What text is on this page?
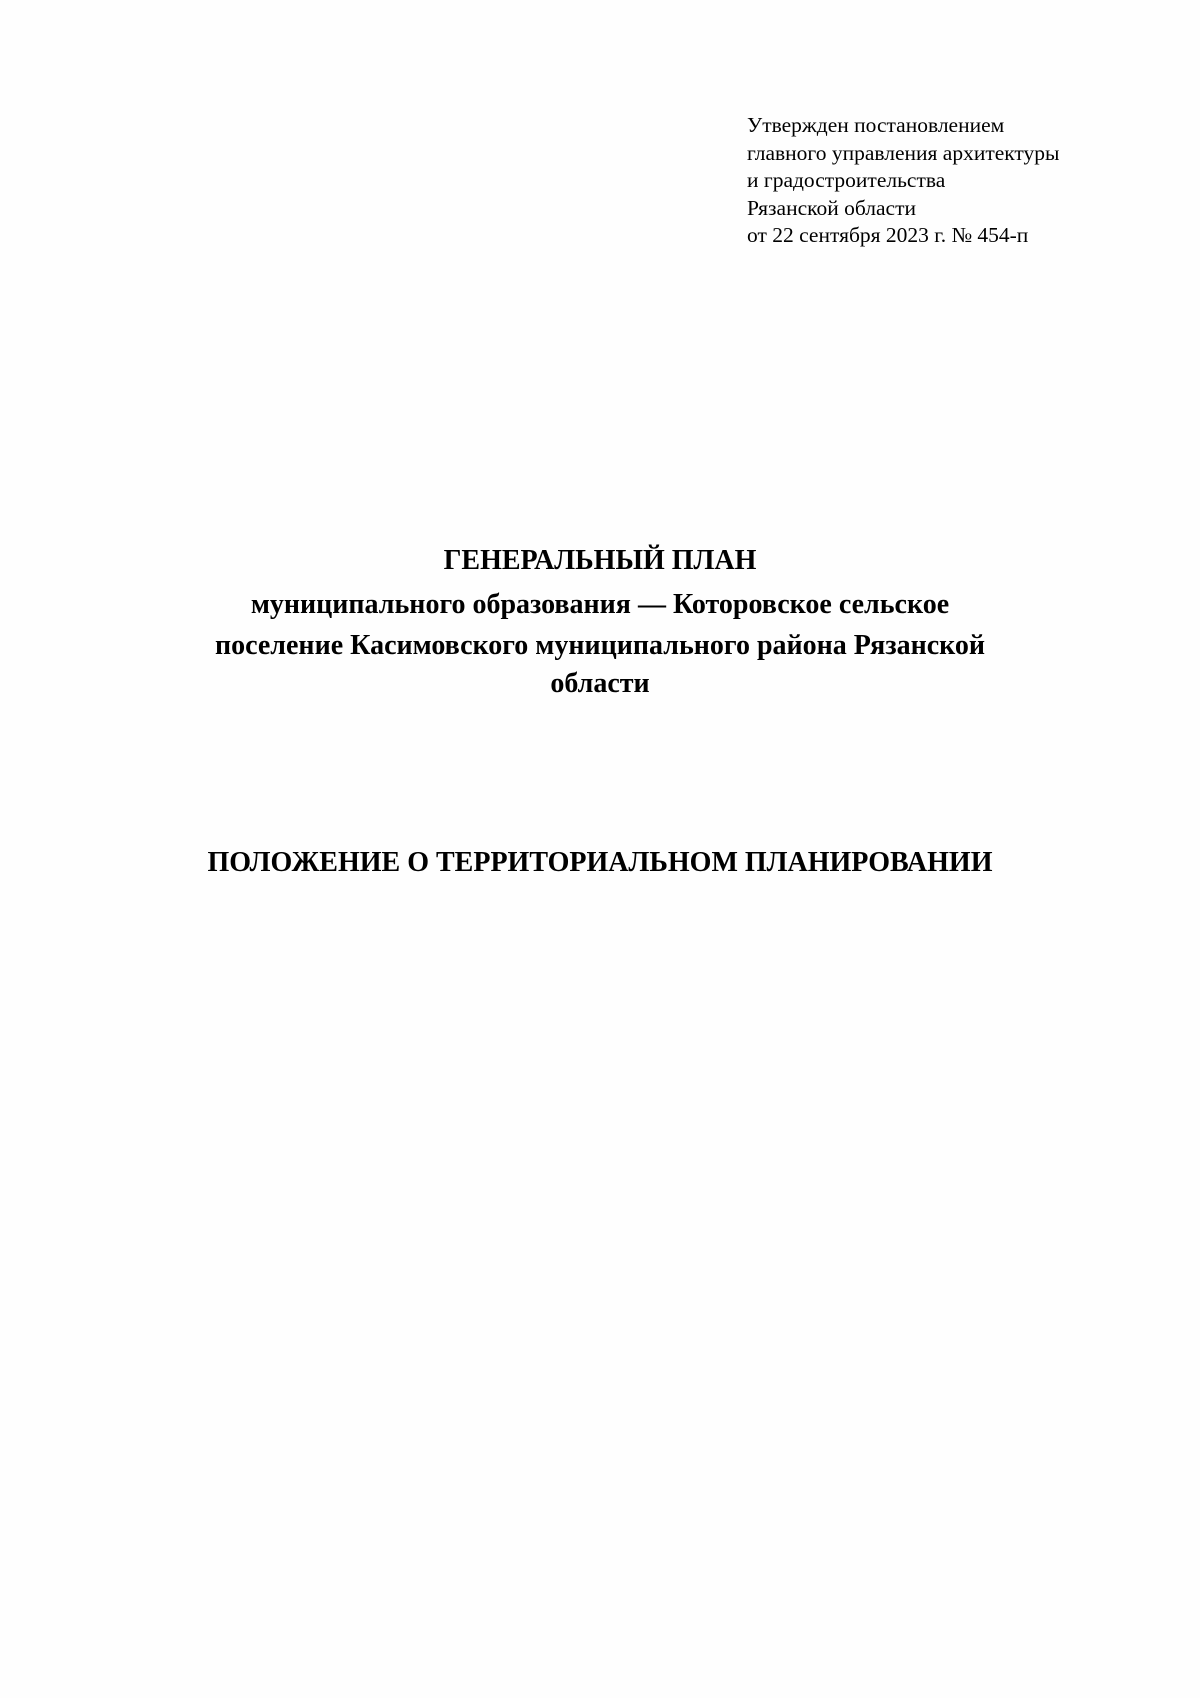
Утвержден постановлением
главного управления архитектуры
и градостроительства
Рязанской области
от 22 сентября 2023 г. № 454-п
ГЕНЕРАЛЬНЫЙ ПЛАН
муниципального образования — Которовское сельское
поселение Касимовского муниципального района Рязанской
области
ПОЛОЖЕНИЕ О ТЕРРИТОРИАЛЬНОМ ПЛАНИРОВАНИИ
